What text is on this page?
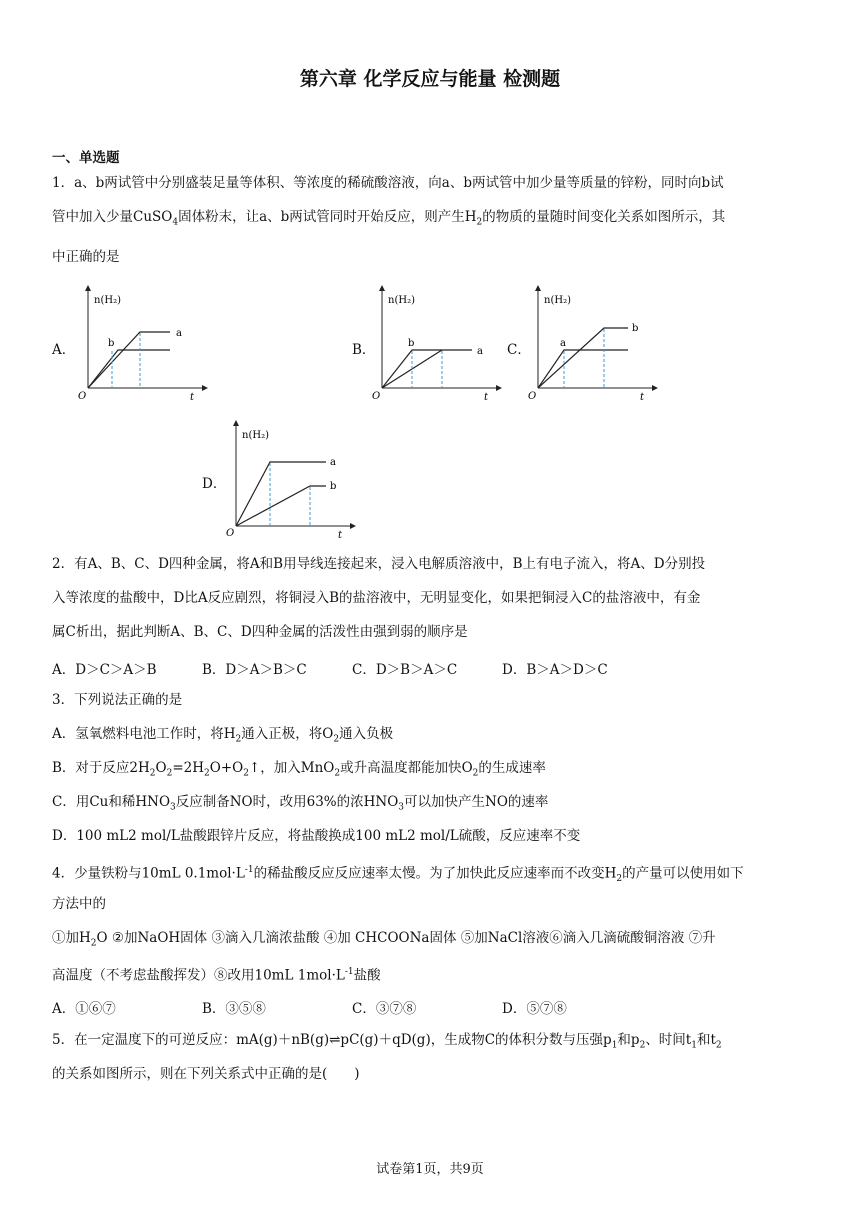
第六章 化学反应与能量 检测题
一、单选题
1．a、b两试管中分别盛装足量等体积、等浓度的稀硫酸溶液，向a、b两试管中加少量等质量的锌粉，同时向b试
管中加入少量CuSO$_4$固体粉末，让a、b两试管同时开始反应，则产生$H_2$的物质的量随时间变化关系如图所示，其
中正确的是
A．	B．	C．
D．
n(H₂)
O	t
b
a
n(H₂)
O	t
b
a
n(H₂)
O	t
a
b
n(H₂)
O	t
a
b
2．有A、B、C、D四种金属，将A和B用导线连接起来，浸入电解质溶液中，B上有电子流入，将A、D分别投
入等浓度的盐酸中，D比A反应剧烈，将铜浸入B的盐溶液中，无明显变化，如果把铜浸入C的盐溶液中，有金
属C析出，据此判断A、B、C、D四种金属的活泼性由强到弱的顺序是
A．D＞C＞A＞B	B．D＞A＞B＞C	C．D＞B＞A＞C	D．B＞A＞D＞C
3．下列说法正确的是
A．氢氧燃料电池工作时，将$H_2$通入正极，将$O_2$通入负极
B．对于反应$2H_2O_2=2H_2O+O_2↑$，加入MnO$_2$或升高温度都能加快$O_2$的生成速率
C．用Cu和稀$HNO_3$反应制备NO时，改用63%的浓$HNO_3$可以加快产生NO的速率
D．100 mL2 mol/L盐酸跟锌片反应，将盐酸换成100 mL2 mol/L硫酸，反应速率不变
4．少量铁粉与10mL $0.1mol\cdot L^{-1}$的稀盐酸反应反应速率太慢。为了加快此反应速率而不改变$H_2$的产量可以使用如下
方法中的
①加$H_2O$ ②加NaOH固体 ③滴入几滴浓盐酸 ④加 CHCOONa固体 ⑤加NaCl溶液⑥滴入几滴硫酸铜溶液 ⑦升
高温度（不考虑盐酸挥发）⑧改用10mL $1mol\cdot L^{-1}$盐酸
A．①⑥⑦	B．③⑤⑧	C．③⑦⑧	D．⑤⑦⑧
5．在一定温度下的可逆反应：mA(g)＋nB(g)⇌pC(g)＋qD(g)，生成物C的体积分数与压强$p_1$和$p_2$、时间$t_1$和$t_2$
的关系如图所示，则在下列关系式中正确的是(　　)
试卷第1页，共9页
